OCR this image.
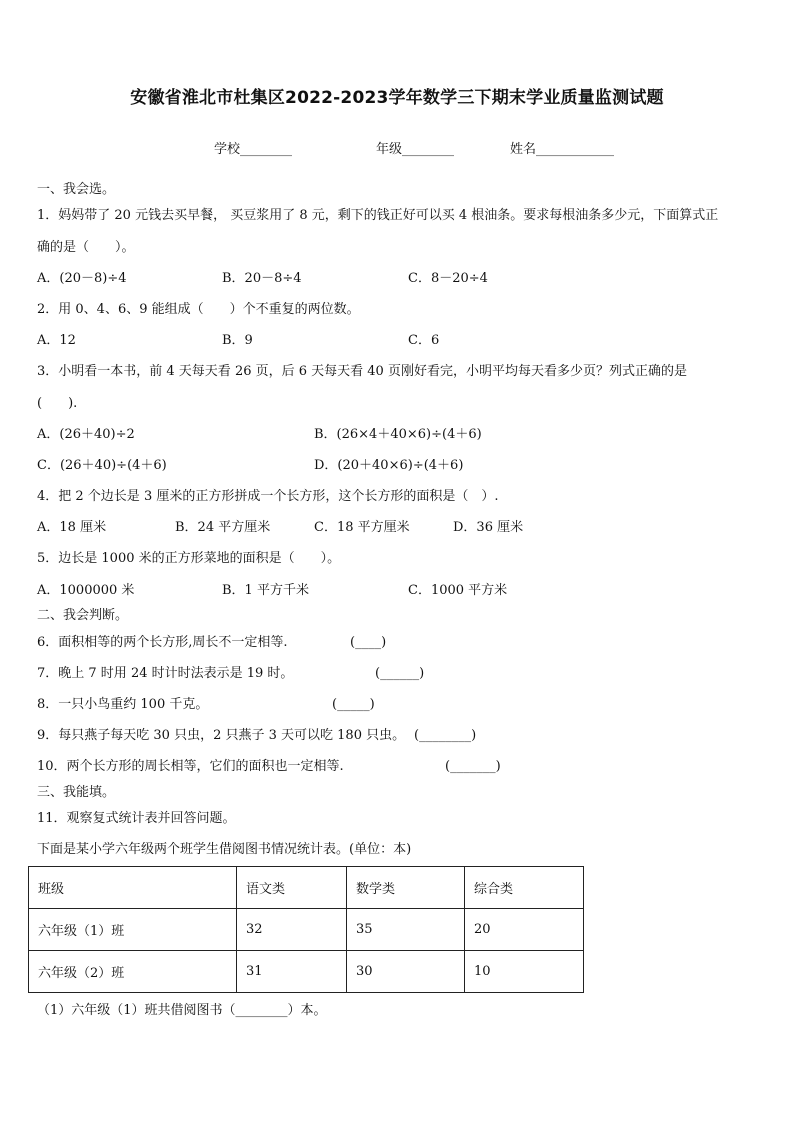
安徽省淮北市杜集区2022-2023学年数学三下期末学业质量监测试题
学校________	年级________	姓名____________
一、我会选。
1．妈妈带了 20 元钱去买早餐， 买豆浆用了 8 元，剩下的钱正好可以买 4 根油条。要求每根油条多少元，下面算式正
确的是（　　）。
A．(20－8)÷4	B．20－8÷4	C．8－20÷4
2．用 0、4、6、9 能组成（　　）个不重复的两位数。
A．12	B．9	C．6
3．小明看一本书，前 4 天每天看 26 页，后 6 天每天看 40 页刚好看完，小明平均每天看多少页？列式正确的是
(　　).
A．(26＋40)÷2	B．(26×4＋40×6)÷(4＋6)
C．(26＋40)÷(4＋6)	D．(20＋40×6)÷(4＋6)
4．把 2 个边长是 3 厘米的正方形拼成一个长方形，这个长方形的面积是（　）.
A．18 厘米	B．24 平方厘米	C．18 平方厘米	D．36 厘米
5．边长是 1000 米的正方形菜地的面积是（　　）。
A．1000000 米	B．1 平方千米	C．1000 平方米
二、我会判断。
6．面积相等的两个长方形,周长不一定相等.	(____)
7．晚上 7 时用 24 时计时法表示是 19 时。	(______)
8．一只小鸟重约 100 千克。	(_____)
9．每只燕子每天吃 30 只虫，2 只燕子 3 天可以吃 180 只虫。 (________)
10．两个长方形的周长相等，它们的面积也一定相等.	(_______)
三、我能填。
11．观察复式统计表并回答问题。
下面是某小学六年级两个班学生借阅图书情况统计表。(单位：本)
班级	语文类	数学类	综合类
六年级（1）班	32	35	20
六年级（2）班	31	30	10
（1）六年级（1）班共借阅图书（________）本。
